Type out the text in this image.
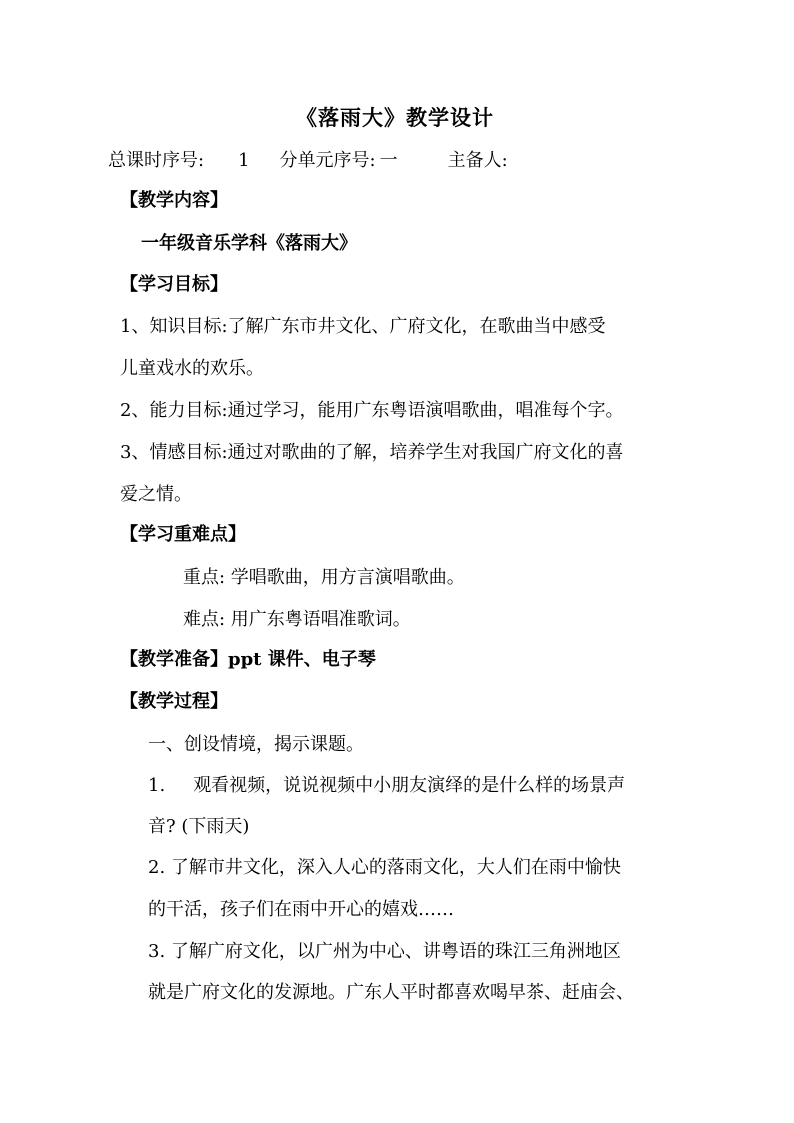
《落雨大》教学设计
总课时序号: 1 分单元序号: 一	主备人:
【教学内容】
一年级音乐学科《落雨大》
【学习目标】
1、知识目标:了解广东市井文化、广府文化，在歌曲当中感受
儿童戏水的欢乐。
2、能力目标:通过学习，能用广东粤语演唱歌曲，唱准每个字。
3、情感目标:通过对歌曲的了解，培养学生对我国广府文化的喜
爱之情。
【学习重难点】
重点: 学唱歌曲，用方言演唱歌曲。
难点: 用广东粤语唱准歌词。
【教学准备】ppt 课件、电子琴
【教学过程】
一、创设情境，揭示课题。
1. 观看视频，说说视频中小朋友演绎的是什么样的场景声
音? (下雨天)
2. 了解市井文化，深入人心的落雨文化，大人们在雨中愉快
的干活，孩子们在雨中开心的嬉戏……
3. 了解广府文化，以广州为中心、讲粤语的珠江三角洲地区
就是广府文化的发源地。广东人平时都喜欢喝早茶、赶庙会、
